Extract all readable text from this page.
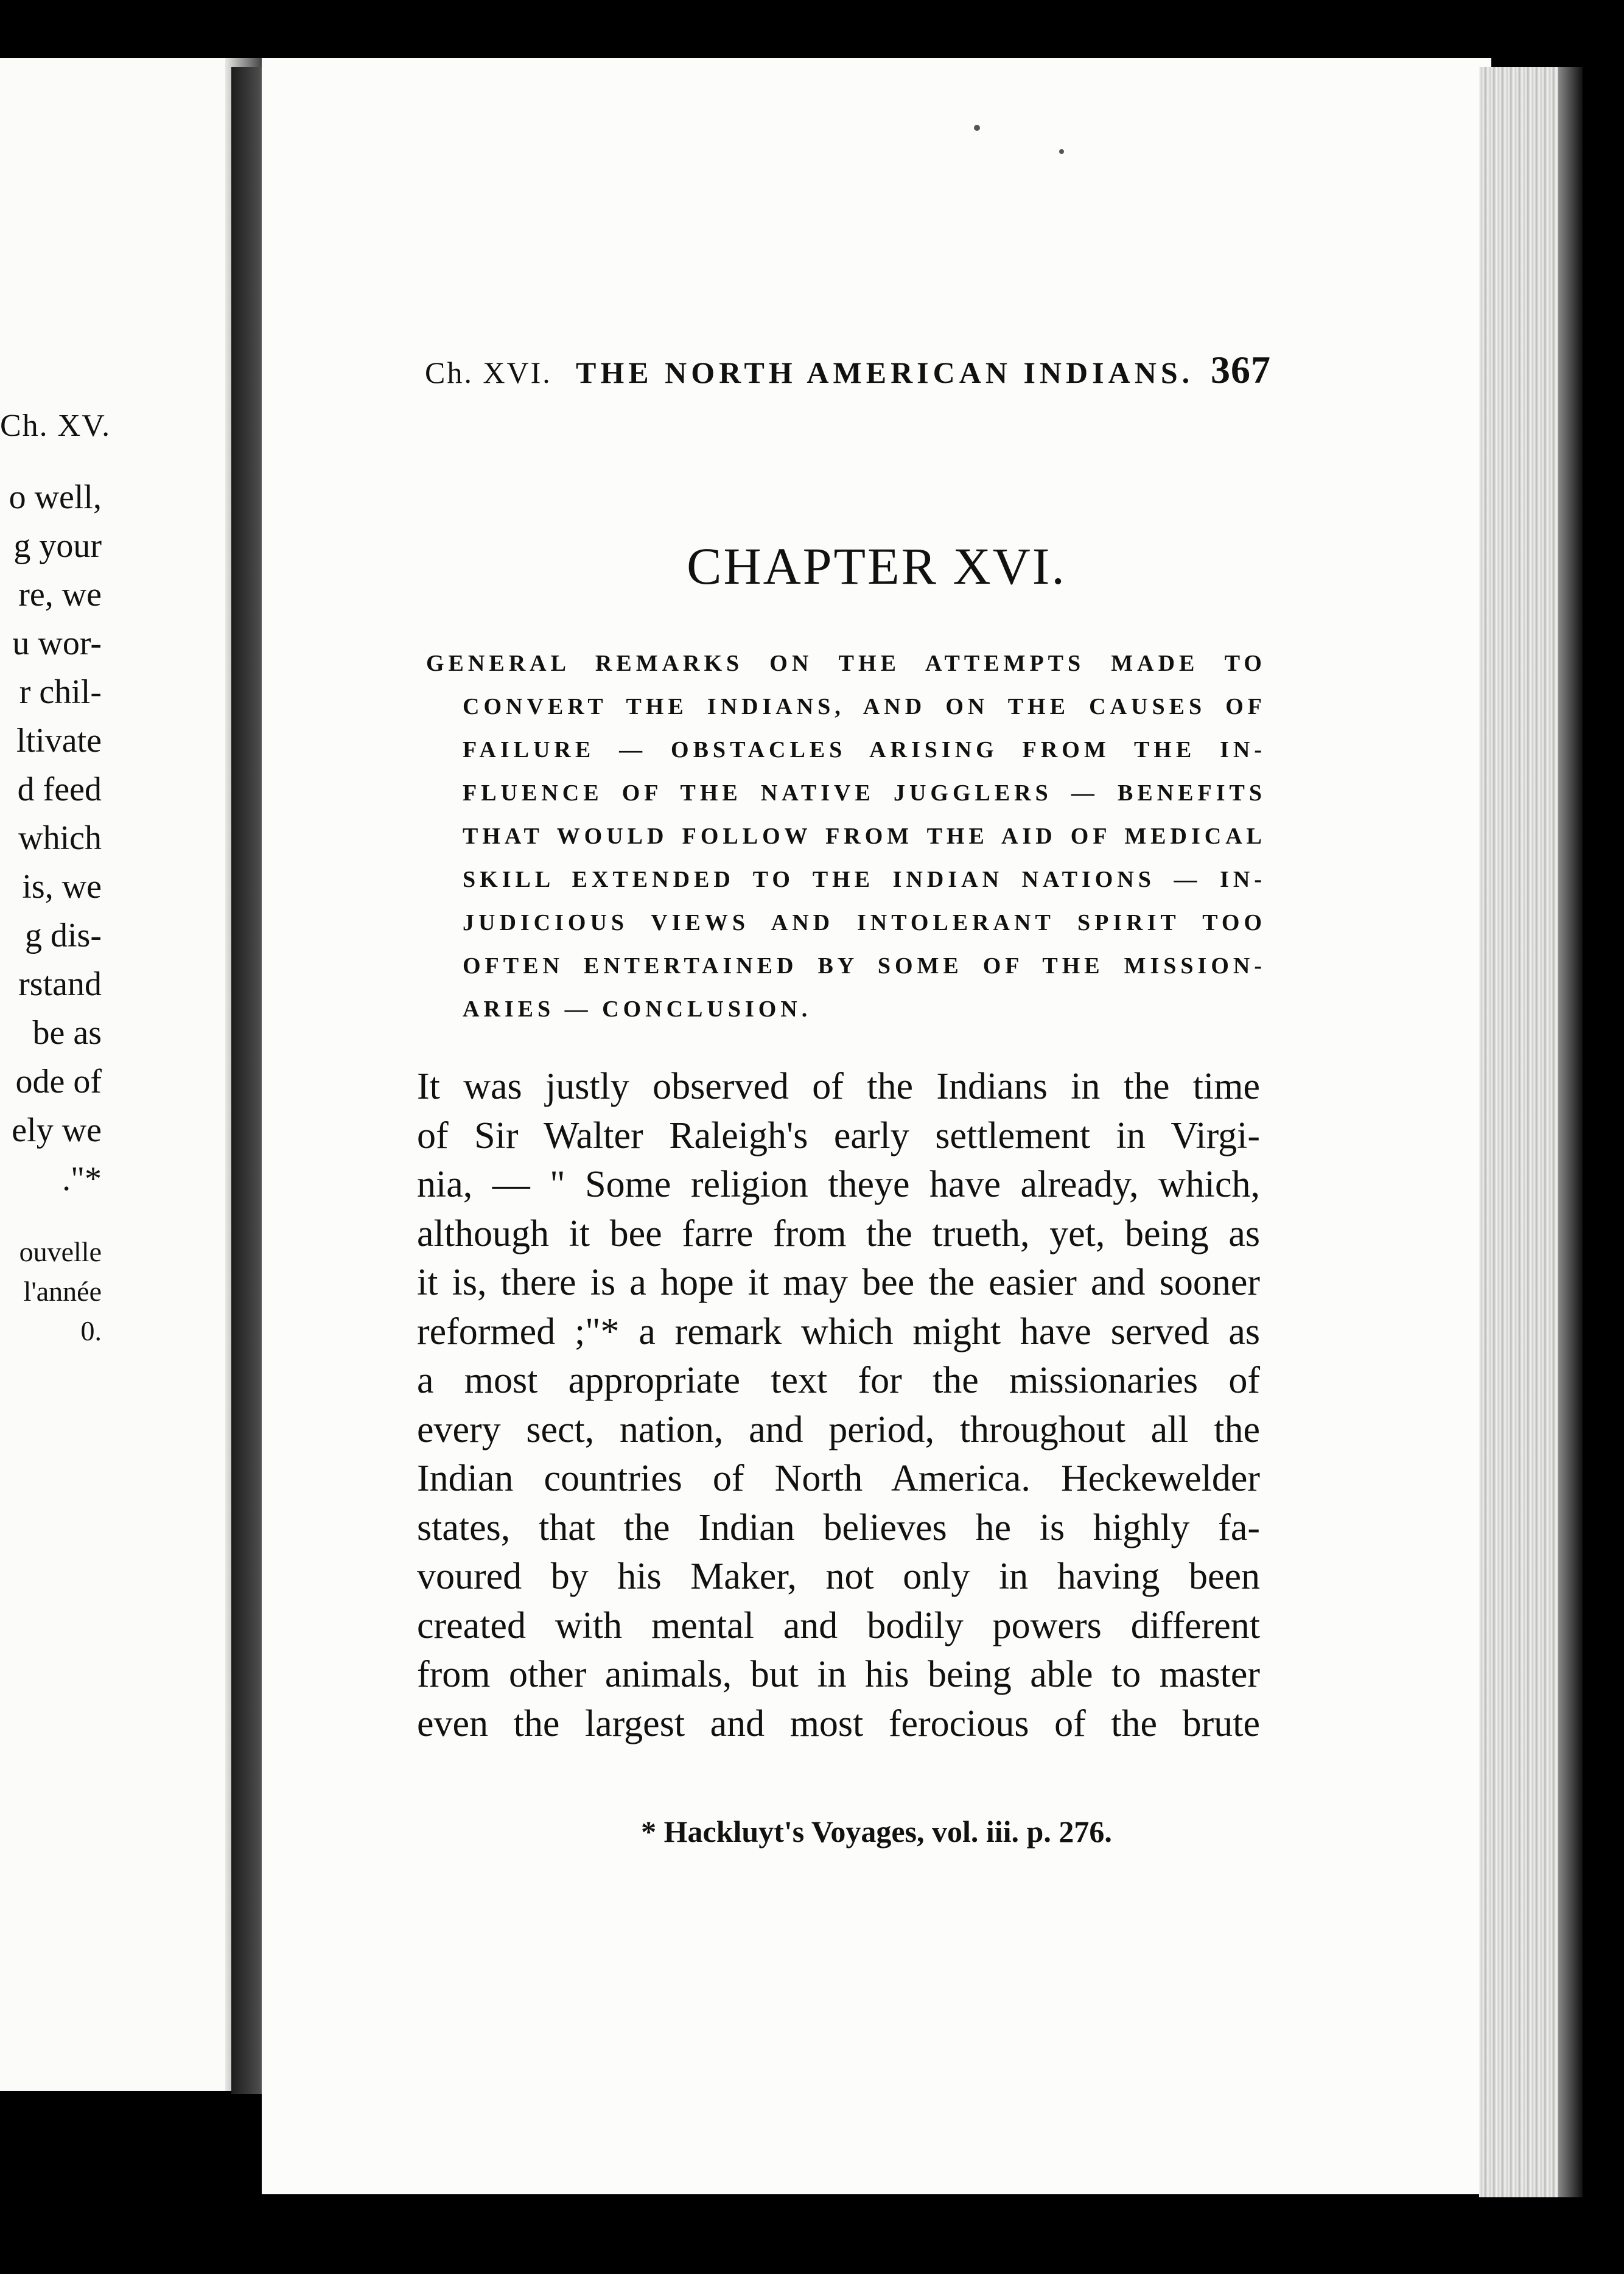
Ch. XV.
o well,
g your
re, we
u wor-
r chil-
ltivate
d feed
which
is, we
g dis-
rstand
be as
ode of
ely we
."*
ouvelle
l'année
0.
Ch. XVI. THE NORTH AMERICAN INDIANS. 367
CHAPTER XVI.
GENERAL REMARKS ON THE ATTEMPTS MADE TO
CONVERT THE INDIANS, AND ON THE CAUSES OF
FAILURE — OBSTACLES ARISING FROM THE IN-
FLUENCE OF THE NATIVE JUGGLERS — BENEFITS
THAT WOULD FOLLOW FROM THE AID OF MEDICAL
SKILL EXTENDED TO THE INDIAN NATIONS — IN-
JUDICIOUS VIEWS AND INTOLERANT SPIRIT TOO
OFTEN ENTERTAINED BY SOME OF THE MISSION-
ARIES — CONCLUSION.
It was justly observed of the Indians in the time
of Sir Walter Raleigh's early settlement in Virgi-
nia, — " Some religion theye have already, which,
although it bee farre from the trueth, yet, being as
it is, there is a hope it may bee the easier and sooner
reformed ;"* a remark which might have served as
a most appropriate text for the missionaries of
every sect, nation, and period, throughout all the
Indian countries of North America. Heckewelder
states, that the Indian believes he is highly fa-
voured by his Maker, not only in having been
created with mental and bodily powers different
from other animals, but in his being able to master
even the largest and most ferocious of the brute
* Hackluyt's Voyages, vol. iii. p. 276.
